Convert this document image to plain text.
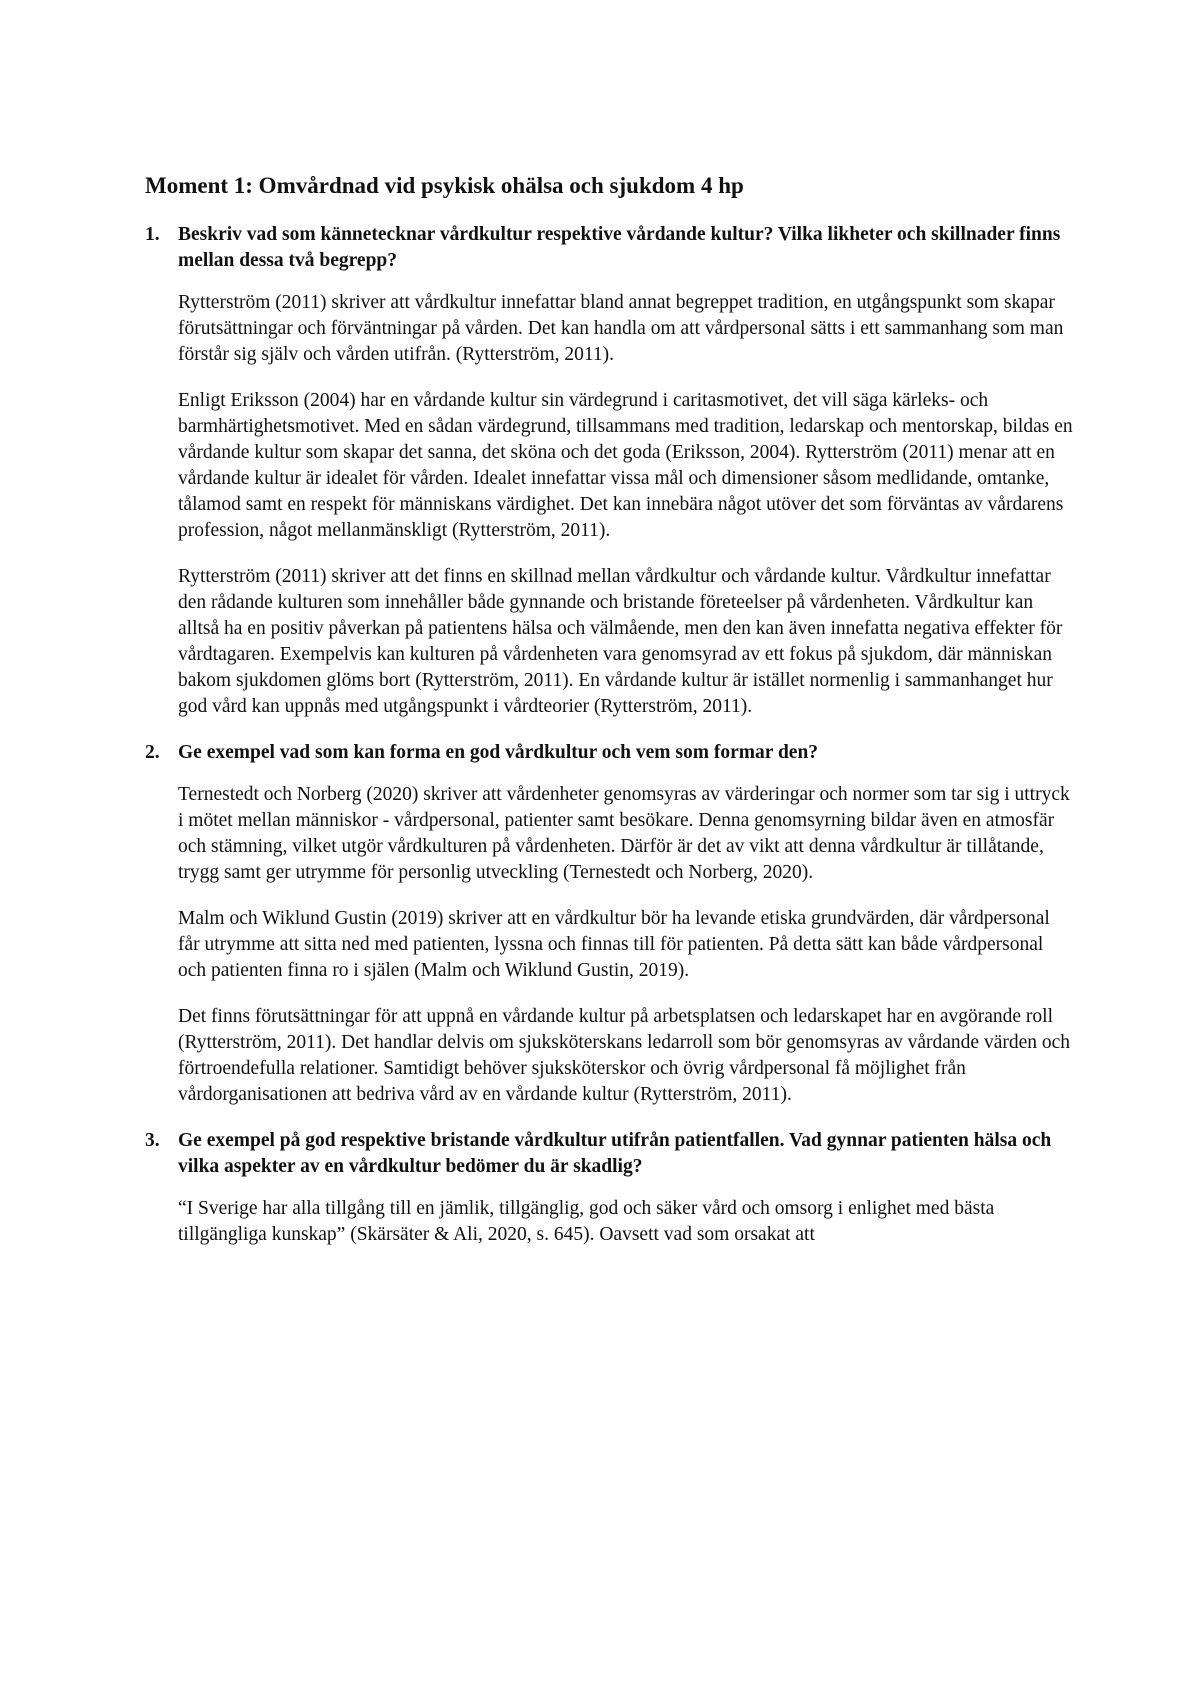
Moment 1: Omvårdnad vid psykisk ohälsa och sjukdom 4 hp
1. Beskriv vad som kännetecknar vårdkultur respektive vårdande kultur? Vilka likheter och skillnader finns mellan dessa två begrepp?

Rytterström (2011) skriver att vårdkultur innefattar bland annat begreppet tradition, en utgångspunkt som skapar förutsättningar och förväntningar på vården. Det kan handla om att vårdpersonal sätts i ett sammanhang som man förstår sig själv och vården utifrån. (Rytterström, 2011).

Enligt Eriksson (2004) har en vårdande kultur sin värdegrund i caritasmotivet, det vill säga kärleks- och barmhärtighetsmotivet. Med en sådan värdegrund, tillsammans med tradition, ledarskap och mentorskap, bildas en vårdande kultur som skapar det sanna, det sköna och det goda (Eriksson, 2004). Rytterström (2011) menar att en vårdande kultur är idealet för vården. Idealet innefattar vissa mål och dimensioner såsom medlidande, omtanke, tålamod samt en respekt för människans värdighet. Det kan innebära något utöver det som förväntas av vårdarens profession, något mellanmänskligt (Rytterström, 2011).

Rytterström (2011) skriver att det finns en skillnad mellan vårdkultur och vårdande kultur. Vårdkultur innefattar den rådande kulturen som innehåller både gynnande och bristande företeelser på vårdenheten. Vårdkultur kan alltså ha en positiv påverkan på patientens hälsa och välmående, men den kan även innefatta negativa effekter för vårdtagaren. Exempelvis kan kulturen på vårdenheten vara genomsyrad av ett fokus på sjukdom, där människan bakom sjukdomen glöms bort (Rytterström, 2011). En vårdande kultur är istället normenlig i sammanhanget hur god vård kan uppnås med utgångspunkt i vårdteorier (Rytterström, 2011).

2. Ge exempel vad som kan forma en god vårdkultur och vem som formar den?

Ternestedt och Norberg (2020) skriver att vårdenheter genomsyras av värderingar och normer som tar sig i uttryck i mötet mellan människor - vårdpersonal, patienter samt besökare. Denna genomsyrning bildar även en atmosfär och stämning, vilket utgör vårdkulturen på vårdenheten. Därför är det av vikt att denna vårdkultur är tillåtande, trygg samt ger utrymme för personlig utveckling (Ternestedt och Norberg, 2020).

Malm och Wiklund Gustin (2019) skriver att en vårdkultur bör ha levande etiska grundvärden, där vårdpersonal får utrymme att sitta ned med patienten, lyssna och finnas till för patienten. På detta sätt kan både vårdpersonal och patienten finna ro i själen (Malm och Wiklund Gustin, 2019).

Det finns förutsättningar för att uppnå en vårdande kultur på arbetsplatsen och ledarskapet har en avgörande roll (Rytterström, 2011). Det handlar delvis om sjuksköterskans ledarroll som bör genomsyras av vårdande värden och förtroendefulla relationer. Samtidigt behöver sjuksköterskor och övrig vårdpersonal få möjlighet från vårdorganisationen att bedriva vård av en vårdande kultur (Rytterström, 2011).

3. Ge exempel på god respektive bristande vårdkultur utifrån patientfallen. Vad gynnar patienten hälsa och vilka aspekter av en vårdkultur bedömer du är skadlig?

“I Sverige har alla tillgång till en jämlik, tillgänglig, god och säker vård och omsorg i enlighet med bästa tillgängliga kunskap” (Skärsäter & Ali, 2020, s. 645). Oavsett vad som orsakat att
